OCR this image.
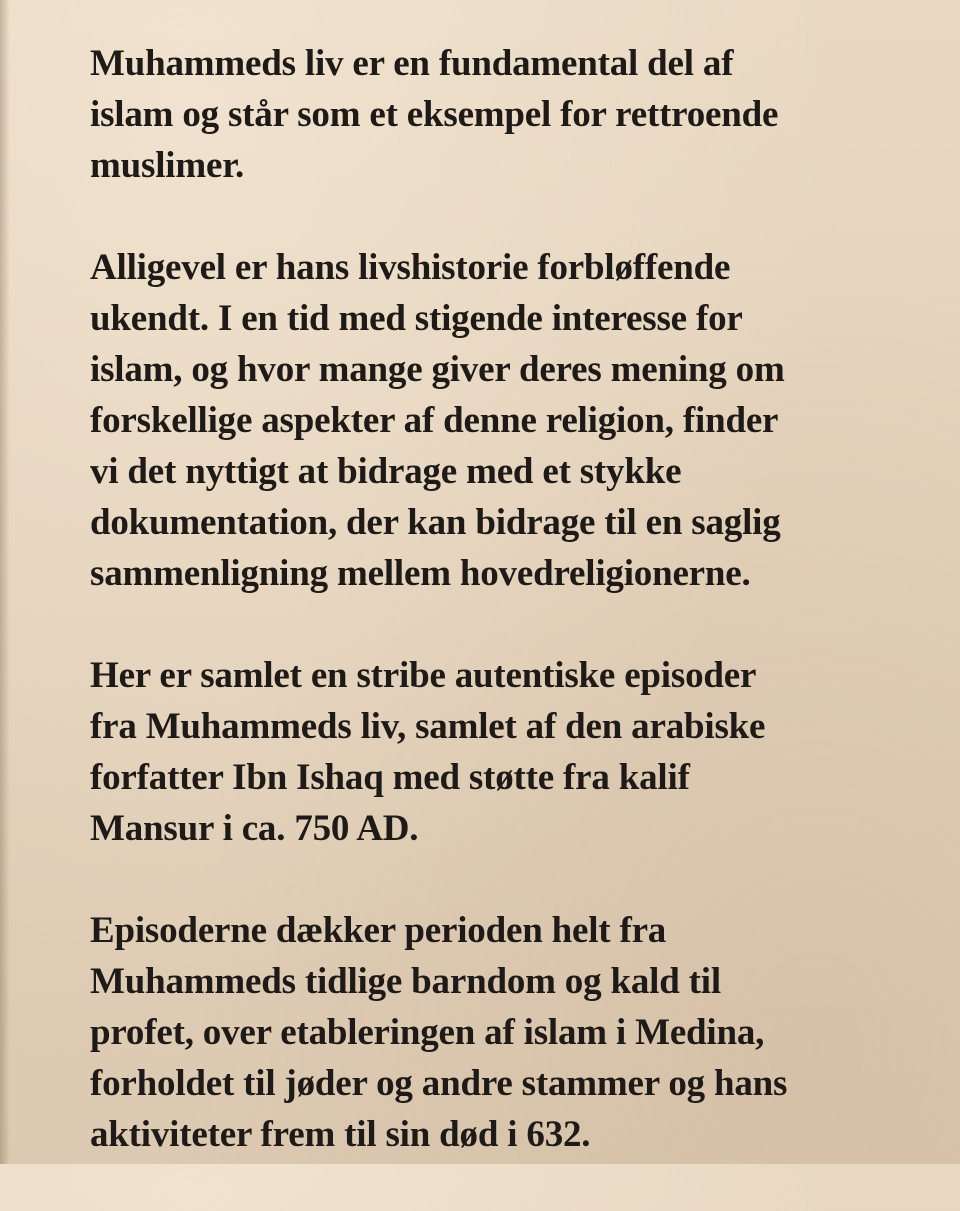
Muhammeds liv er en fundamental del af
islam og står som et eksempel for rettroende
muslimer.

Alligevel er hans livshistorie forbløffende
ukendt. I en tid med stigende interesse for
islam, og hvor mange giver deres mening om
forskellige aspekter af denne religion, finder
vi det nyttigt at bidrage med et stykke
dokumentation, der kan bidrage til en saglig
sammenligning mellem hovedreligionerne.

Her er samlet en stribe autentiske episoder
fra Muhammeds liv, samlet af den arabiske
forfatter Ibn Ishaq med støtte fra kalif
Mansur i ca. 750 AD.

Episoderne dækker perioden helt fra
Muhammeds tidlige barndom og kald til
profet, over etableringen af islam i Medina,
forholdet til jøder og andre stammer og hans
aktiviteter frem til sin død i 632.
